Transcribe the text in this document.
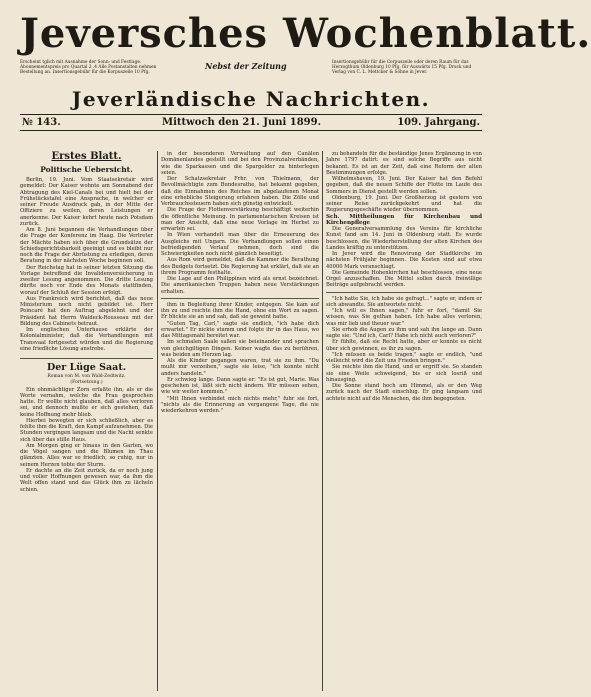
Jeversches Wochenblatt.
Erscheint tglich mit Ausnahme der Sonn- und Festtage. Abonnementspreis pro Quartal 2 .4 Alle Postanstalten nehmen Bestellung an. Insertionsgebühr für die Korpuszeile 10 Pfg.
Nebst der Zeitung	Insertionsgebühr für die Corpuszeile oder deren Raum für das Herzogthum Oldenburg 10 Pfg. für Auswärts 15 Pfg. Druck und Verlag von C. L. Mettcker & Söhne in Jever.
Jeverländische Nachrichten.
№ 143.	Mittwoch den 21. Juni 1899.	109. Jahrgang.
Erstes Blatt.
Politische Uebersicht.

Berlin, 19. Juni. Vom Staatsekretair wird gemeldet: Der Kaiser wohnte am Sonnabend der Abtragung des Kiel-Canals bei und hielt bei der Frühstückstafel eine Ansprache, in welcher er seiner Freude Ausdruck gab, in der Mitte der Offiziere zu weilen, deren Leistungen er anerkenne. Der Kaiser kehrt heute nach Potsdam zurück.

Am 8. Juni begannen die Verhandlungen über die Frage der Konferenz im Haag. Die Vertreter der Mächte haben sich über die Grundsätze der Schiedsgerichtsbarkeit geeinigt und es bleibt nur noch die Frage der Abrüstung zu erledigen, deren Beratung in der nächsten Woche beginnen soll.

Der Reichstag hat in seiner letzten Sitzung die Vorlage betreffend die Invalidenversicherung in zweiter Lesung angenommen. Die dritte Lesung dürfte noch vor Ende des Monats stattfinden, worauf der Schluß der Session erfolgt.

Aus Frankreich wird berichtet, daß das neue Ministerium noch nicht gebildet ist. Herr Poincaré hat den Auftrag abgelehnt und der Präsident hat Herrn Waldeck-Rousseau mit der Bildung des Cabinets betraut.

Im englischen Unterhause erklärte der Kolonialminister, daß die Verhandlungen mit Transvaal fortgesetzt würden und die Regierung eine friedliche Lösung anstrebe.

Der Lüge Saat.
Roman von M. von Wald-Zedtwitz.
(Fortsetzung.)

Ein ohnmächtiger Zorn erfaßte ihn, als er die Worte vernahm, welche die Frau gesprochen hatte. Er wollte nicht glauben, daß alles verloren sei, und dennoch mußte er sich gestehen, daß keine Hoffnung mehr blieb.

Hierbei bewegten er sich schließlich, aber es fehlte ihm die Kraft, den Kampf aufzunehmen. Die Stunden vergingen langsam und die Nacht senkte sich über das stille Haus.

Am Morgen ging er hinaus in den Garten, wo die Vögel sangen und die Blumen im Thau glänzten. Alles war so friedlich, so ruhig, nur in seinem Herzen tobte der Sturm.

Er dachte an die Zeit zurück, da er noch jung und voller Hoffnungen gewesen war, da ihm die Welt offen stand und das Glück ihm zu lächeln schien.

in der besonderen Verwaltung auf den Canälen Domänenlandes gestellt und bei den Provinzialverbänden, wie die Sparkassen und die Spargelder zu hinterlegen seien.

Der Schatzsekretair Frhr. von Thielmann, der Bevollmächtigte zum Bundesrathe, hat bekannt gegeben, daß die Einnahmen des Reiches im abgelaufenen Monat eine erhebliche Steigerung erfahren haben. Die Zölle und Verbrauchssteuern haben sich günstig entwickelt.

Die Frage der Flottenverstärkung beschäftigt weiterhin die öffentliche Meinung. In parlamentarischen Kreisen ist man der Ansicht, daß eine neue Vorlage im Herbst zu erwarten sei.

In Wien verhandelt man über die Erneuerung des Ausgleichs mit Ungarn. Die Verhandlungen sollen einen befriedigenden Verlauf nehmen, doch sind die Schwierigkeiten noch nicht gänzlich beseitigt.

Aus Rom wird gemeldet, daß die Kammer die Berathung des Budgets fortsetzt. Die Regierung hat erklärt, daß sie an ihrem Programm festhalte.

Die Lage auf den Philippinen wird als ernst bezeichnet. Die amerikanischen Truppen haben neue Verstärkungen erhalten.

ihm in Begleitung ihrer Kinder, entgegen. Sie kam auf ihn zu und reichte ihm die Hand, ohne ein Wort zu sagen. Er blickte sie an und sah, daß sie geweint hatte.

"Guten Tag, Carl," sagte sie endlich, "ich habe dich erwartet." Er nickte stumm und folgte ihr in das Haus, wo das Mittagsmahl bereitet war.

Im schmalen Saale saßen sie beieinander und sprachen von gleichgiltigen Dingen. Keiner wagte das zu berühren, was beiden am Herzen lag.

Als die Kinder gegangen waren, trat sie zu ihm. "Du mußt mir verzeihen," sagte sie leise, "ich konnte nicht anders handeln."

Er schwieg lange. Dann sagte er: "Es ist gut, Marie. Was geschehen ist, läßt sich nicht ändern. Wir müssen sehen, wie wir weiter kommen."

"Mit Ihnen verbindet mich nichts mehr," fuhr sie fort, "nichts als die Erinnerung an vergangene Tage, die nie wiederkehren werden."

zu behandeln für die beständige Jenes Ergänzung in von Jahre 1797 datirt: es sind solche Begriffe aus nicht bekannt. Es ist an der Zeit, daß eine Reform der alten Bestimmungen erfolge.

Wilhelmshaven, 19. Juni. Der Kaiser hat den Befehl gegeben, daß die neuen Schiffe der Flotte im Laufe des Sommers in Dienst gestellt werden sollen.

Oldenburg, 19. Juni. Der Großherzog ist gestern von seiner Reise zurückgekehrt und hat die Regierungsgeschäfte wieder übernommen.

Sch. Mittheilungen für Kirchenbau und Kirchenpflege

Die Generalversammlung des Vereins für kirchliche Kunst fand am 14. Juni in Oldenburg statt. Es wurde beschlossen, die Wiederherstellung der alten Kirchen des Landes kräftig zu unterstützen.

In Jever wird die Renovirung der Stadtkirche im nächsten Frühjahr beginnen. Die Kosten sind auf etwa 40000 Mark veranschlagt.

Die Gemeinde Hohenkirchen hat beschlossen, eine neue Orgel anzuschaffen. Die Mittel sollen durch freiwillige Beiträge aufgebracht werden.

"Ich hatte Sie, ich habe sie gefragt..." sagte er, indem er sich abwandte. Sie antwortete nicht.

"Ich will es Ihnen sagen," fuhr er fort, "damit Sie wissen, was Sie gethan haben. Ich habe alles verloren, was mir lieb und theuer war."

Sie erhob die Augen zu ihm und sah ihn lange an. Dann sagte sie: "Und ich, Carl? Habe ich nicht auch verloren?"

Er fühlte, daß sie Recht hatte, aber er konnte es nicht über sich gewinnen, es ihr zu sagen.

"Ich müssen es beide tragen," sagte er endlich, "und vielleicht wird die Zeit uns Frieden bringen."

Sie reichte ihm die Hand, und er ergriff sie. So standen sie eine Weile schweigend, bis er sich losriß und hinausging.

Die Sonne stand hoch am Himmel, als er den Weg zurück nach der Stadt einschlug. Er ging langsam und achtete nicht auf die Menschen, die ihm begegneten.
